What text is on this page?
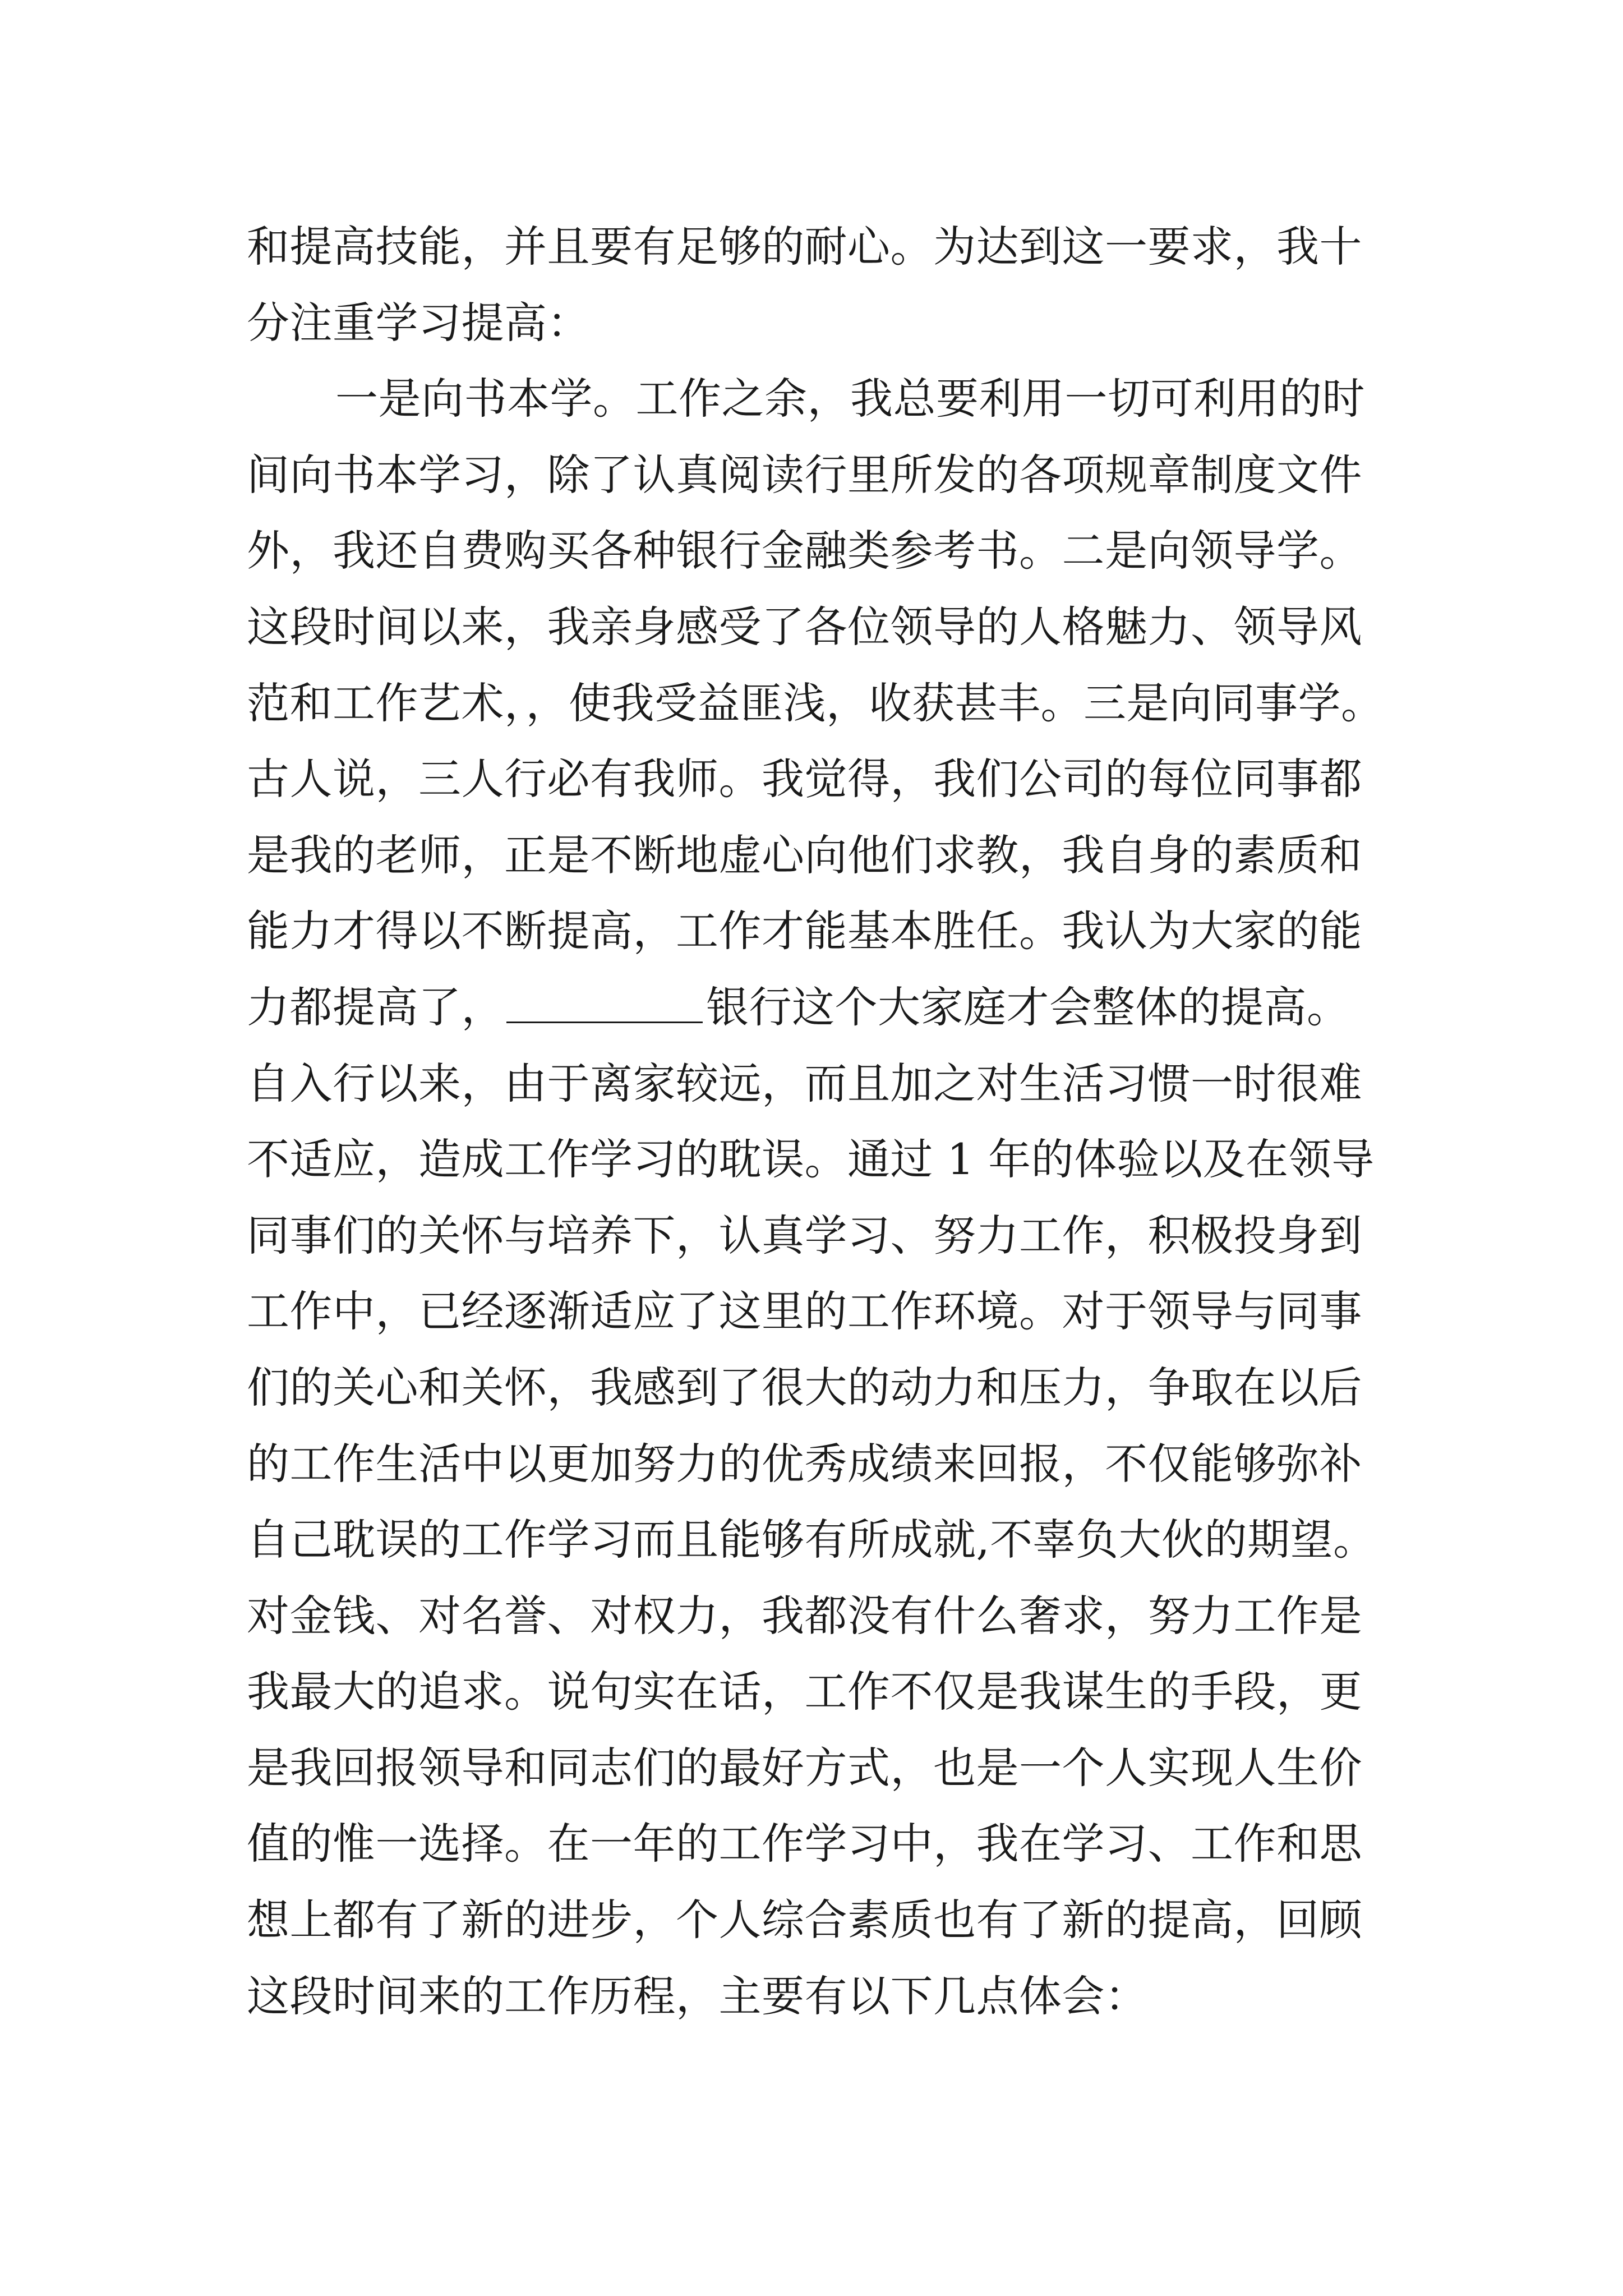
和提高技能，并且要有足够的耐心。为达到这一要求，我十
分注重学习提高：
一是向书本学。工作之余，我总要利用一切可利用的时
间向书本学习，除了认真阅读行里所发的各项规章制度文件
外，我还自费购买各种银行金融类参考书。二是向领导学。
这段时间以来，我亲身感受了各位领导的人格魅力、领导风
范和工作艺术，，使我受益匪浅，收获甚丰。三是向同事学。
古人说，三人行必有我师。我觉得，我们公司的每位同事都
是我的老师，正是不断地虚心向他们求教，我自身的素质和
能力才得以不断提高，工作才能基本胜任。我认为大家的能
力都提高了，	银行这个大家庭才会整体的提高。
自入行以来，由于离家较远，而且加之对生活习惯一时很难
不适应，造成工作学习的耽误。通过 1 年的体验以及在领导
同事们的关怀与培养下，认真学习、努力工作，积极投身到
工作中，已经逐渐适应了这里的工作环境。对于领导与同事
们的关心和关怀，我感到了很大的动力和压力，争取在以后
的工作生活中以更加努力的优秀成绩来回报，不仅能够弥补
自己耽误的工作学习而且能够有所成就,不辜负大伙的期望。
对金钱、对名誉、对权力，我都没有什么奢求，努力工作是
我最大的追求。说句实在话，工作不仅是我谋生的手段，更
是我回报领导和同志们的最好方式，也是一个人实现人生价
值的惟一选择。在一年的工作学习中，我在学习、工作和思
想上都有了新的进步，个人综合素质也有了新的提高，回顾
这段时间来的工作历程，主要有以下几点体会：
